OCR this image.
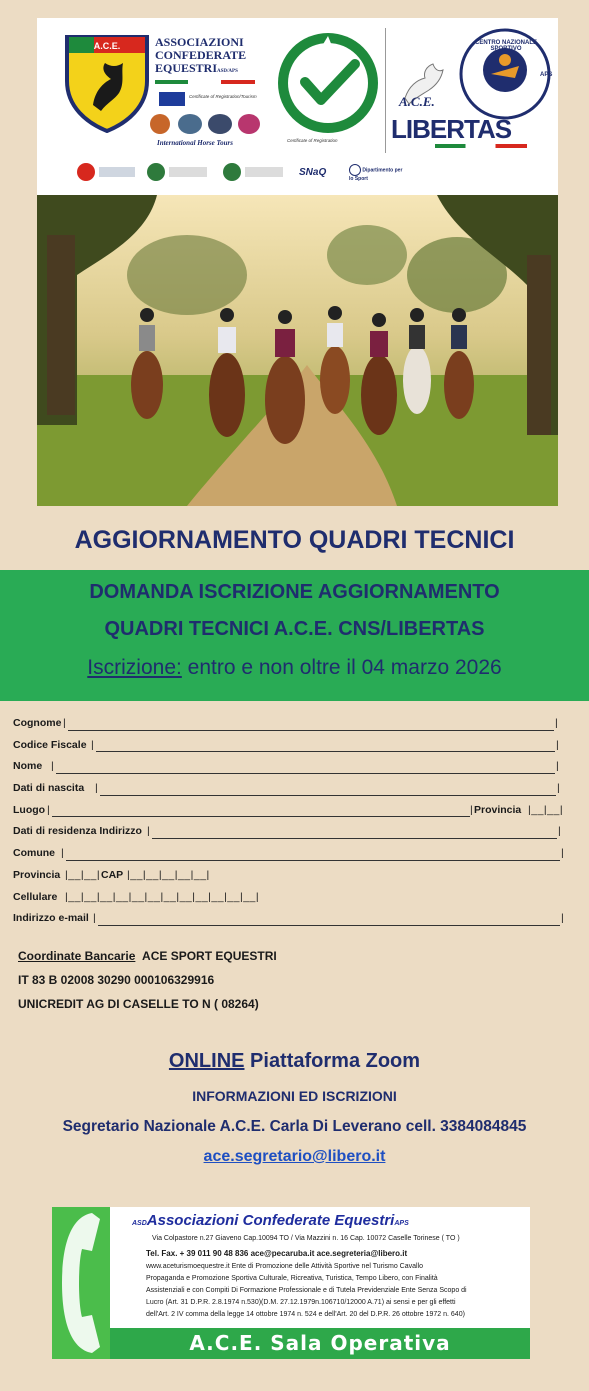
A.C.E.	ASSOCIAZIONI
CONFEDERATE
EQUESTRIASD/APS
Certificate of Registration/Tourism
International Horse Tours	Certificate of Registration
CENTRO NAZIONALE SPORTIVO
APS
A.C.E.
LIBERTAS
SNaQ	Dipartimento per lo Sport
AGGIORNAMENTO QUADRI TECNICI
DOMANDA ISCRIZIONE AGGIORNAMENTO
QUADRI TECNICI A.C.E. CNS/LIBERTAS
Iscrizione: entro e non oltre il 04 marzo 2026
Cognome |	|
Codice Fiscale |	|
Nome |	|
Dati di nascita |	|
Luogo |	| Provincia |__|__|
Dati di residenza Indirizzo |	|
Comune |	|
Provincia |__|__| CAP |__|__|__|__|__|
Cellulare |__|__|__|__|__|__|__|__|__|__|__|__|
Indirizzo e-mail |	|
Coordinate Bancarie ACE SPORT EQUESTRI
IT 83 B 02008 30290 000106329916
UNICREDIT AG DI CASELLE TO N ( 08264)
ONLINE Piattaforma Zoom
INFORMAZIONI ED ISCRIZIONI
Segretario Nazionale A.C.E. Carla Di Leverano cell. 3384084845
ace.segretario@libero.it
ASDAssociazioni Confederate EquestriAPS
Via Colpastore n.27 Giaveno Cap.10094 TO / Via Mazzini n. 16 Cap. 10072 Caselle Torinese ( TO )
Tel. Fax. + 39 011 90 48 836 ace@pecaruba.it ace.segreteria@libero.it
www.aceturismoequestre.it Ente di Promozione delle Attività Sportive nel Turismo Cavallo
Propaganda e Promozione Sportiva Culturale, Ricreativa, Turistica, Tempo Libero, con Finalità
Assistenziali e con Compiti Di Formazione Professionale e di Tutela Previdenziale Ente Senza Scopo di
Lucro (Art. 31 D.P.R. 2.8.1974 n.530)(D.M. 27.12.1979n.106710/12000 A.71) ai sensi e per gli effetti
dell'Art. 2 IV comma della legge 14 ottobre 1974 n. 524 e dell'Art. 20 del D.P.R. 26 ottobre 1972 n. 640)
A.C.E. Sala Operativa
